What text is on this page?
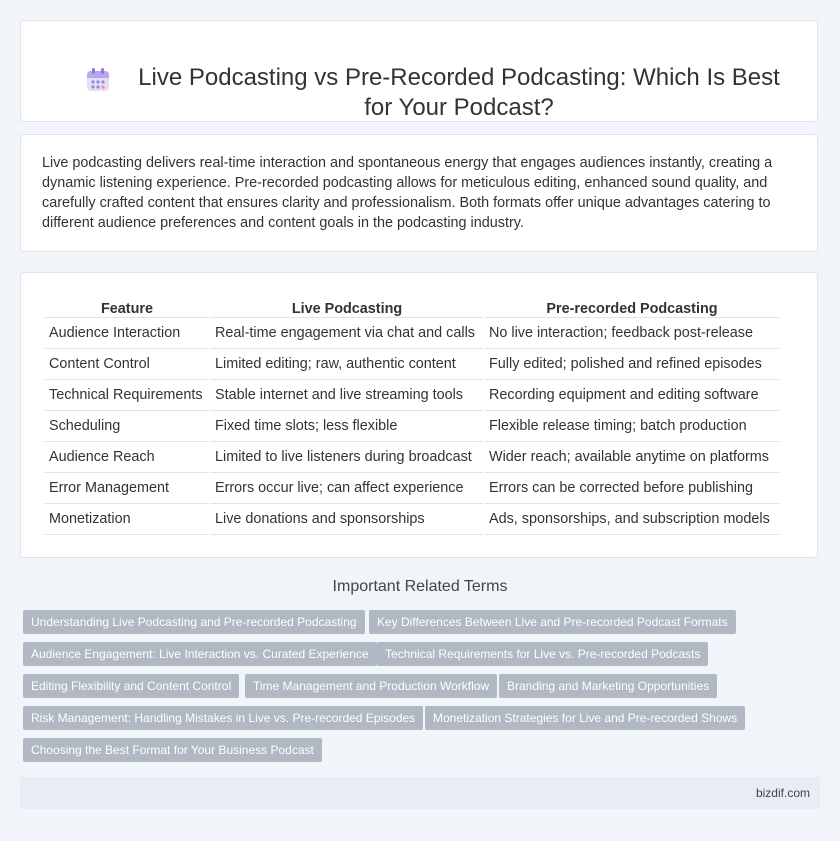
Live Podcasting vs Pre-Recorded Podcasting: Which Is Best for Your Podcast?

Live podcasting delivers real-time interaction and spontaneous energy that engages audiences instantly, creating a dynamic listening experience. Pre-recorded podcasting allows for meticulous editing, enhanced sound quality, and carefully crafted content that ensures clarity and professionalism. Both formats offer unique advantages catering to different audience preferences and content goals in the podcasting industry.

Feature	Live Podcasting	Pre-recorded Podcasting
Audience Interaction	Real-time engagement via chat and calls	No live interaction; feedback post-release
Content Control	Limited editing; raw, authentic content	Fully edited; polished and refined episodes
Technical Requirements	Stable internet and live streaming tools	Recording equipment and editing software
Scheduling	Fixed time slots; less flexible	Flexible release timing; batch production
Audience Reach	Limited to live listeners during broadcast	Wider reach; available anytime on platforms
Error Management	Errors occur live; can affect experience	Errors can be corrected before publishing
Monetization	Live donations and sponsorships	Ads, sponsorships, and subscription models
Important Related Terms
Understanding Live Podcasting and Pre-recorded Podcasting	Key Differences Between Live and Pre-recorded Podcast Formats
Audience Engagement: Live Interaction vs. Curated Experience	Technical Requirements for Live vs. Pre-recorded Podcasts
Editing Flexibility and Content Control	Time Management and Production Workflow	Branding and Marketing Opportunities
Risk Management: Handling Mistakes in Live vs. Pre-recorded Episodes	Monetization Strategies for Live and Pre-recorded Shows
Choosing the Best Format for Your Business Podcast
bizdif.com
